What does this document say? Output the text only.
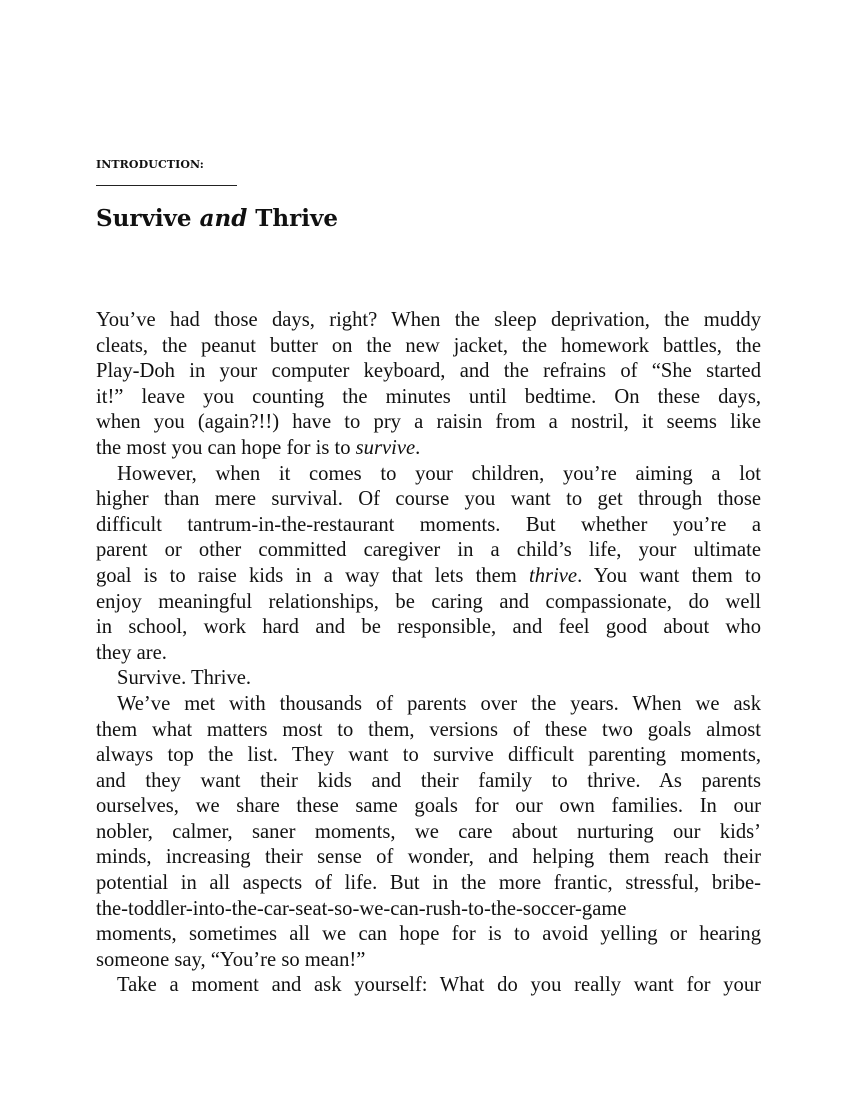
INTRODUCTION:
Survive and Thrive
You’ve had those days, right? When the sleep deprivation, the muddy
cleats, the peanut butter on the new jacket, the homework battles, the
Play-Doh in your computer keyboard, and the refrains of “She started
it!” leave you counting the minutes until bedtime. On these days,
when you (again?!!) have to pry a raisin from a nostril, it seems like
the most you can hope for is to survive.
However, when it comes to your children, you’re aiming a lot
higher than mere survival. Of course you want to get through those
difficult tantrum-in-the-restaurant moments. But whether you’re a
parent or other committed caregiver in a child’s life, your ultimate
goal is to raise kids in a way that lets them thrive. You want them to
enjoy meaningful relationships, be caring and compassionate, do well
in school, work hard and be responsible, and feel good about who
they are.
Survive. Thrive.
We’ve met with thousands of parents over the years. When we ask
them what matters most to them, versions of these two goals almost
always top the list. They want to survive difficult parenting moments,
and they want their kids and their family to thrive. As parents
ourselves, we share these same goals for our own families. In our
nobler, calmer, saner moments, we care about nurturing our kids’
minds, increasing their sense of wonder, and helping them reach their
potential in all aspects of life. But in the more frantic, stressful, bribe-
the-toddler-into-the-car-seat-so-we-can-rush-to-the-soccer-game
moments, sometimes all we can hope for is to avoid yelling or hearing
someone say, “You’re so mean!”
Take a moment and ask yourself: What do you really want for your
